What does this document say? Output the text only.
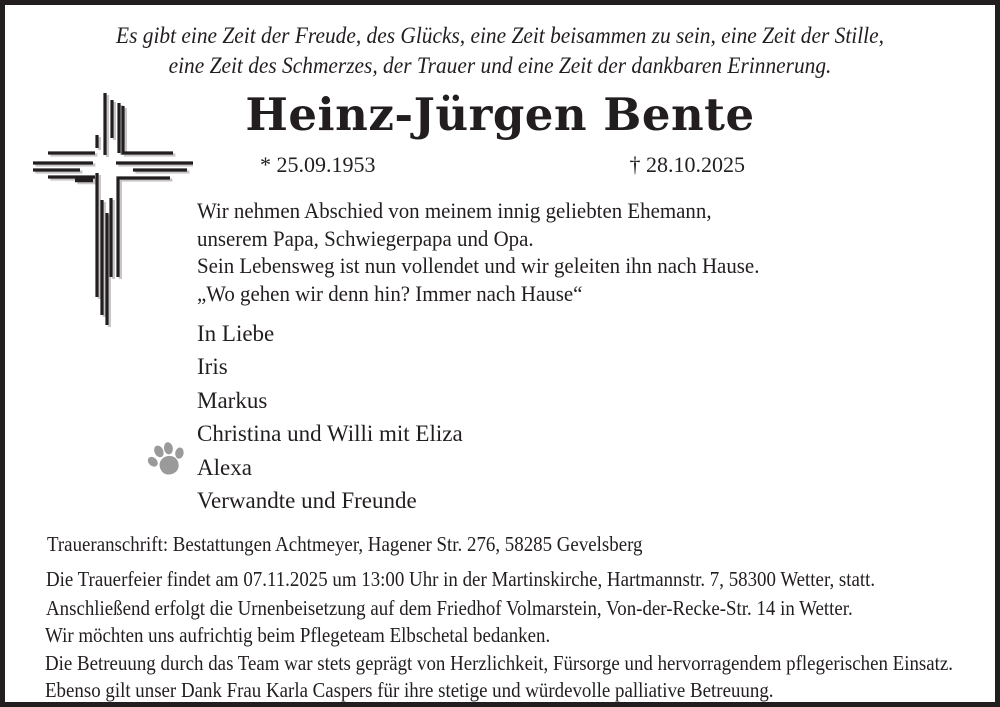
Es gibt eine Zeit der Freude, des Glücks, eine Zeit beisammen zu sein, eine Zeit der Stille,
eine Zeit des Schmerzes, der Trauer und eine Zeit der dankbaren Erinnerung.
Heinz-Jürgen Bente
* 25.09.1953	† 28.10.2025
Wir nehmen Abschied von meinem innig geliebten Ehemann,
unserem Papa, Schwiegerpapa und Opa.
Sein Lebensweg ist nun vollendet und wir geleiten ihn nach Hause.
„Wo gehen wir denn hin? Immer nach Hause“
In Liebe
Iris
Markus
Christina und Willi mit Eliza
Alexa
Verwandte und Freunde
Traueranschrift: Bestattungen Achtmeyer, Hagener Str. 276, 58285 Gevelsberg
Die Trauerfeier findet am 07.11.2025 um 13:00 Uhr in der Martinskirche, Hartmannstr. 7, 58300 Wetter, statt.
Anschließend erfolgt die Urnenbeisetzung auf dem Friedhof Volmarstein, Von-der-Recke-Str. 14 in Wetter.
Wir möchten uns aufrichtig beim Pflegeteam Elbschetal bedanken.
Die Betreuung durch das Team war stets geprägt von Herzlichkeit, Fürsorge und hervorragendem pflegerischen Einsatz.
Ebenso gilt unser Dank Frau Karla Caspers für ihre stetige und würdevolle palliative Betreuung.
